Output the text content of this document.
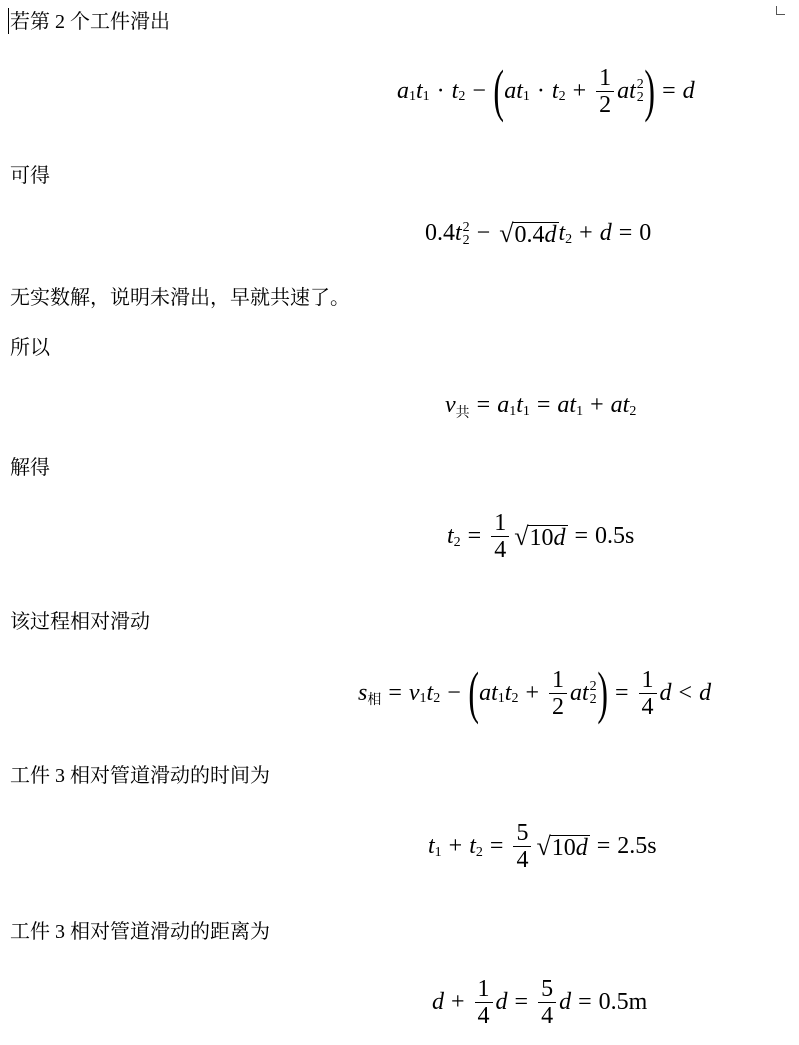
若第 2 个工件滑出

a 1 t 1 · t 2 − ( a t 1 · t $2 + \frac{1}{2}$ a t 2
2 ) = d

可得

0.4 t 2
2 − √ 0.4d t 2 + d = 0

无实数解，说明未滑出，早就共速了。

所以

v 共 = a 1 t 1 = a t 1 + a t 2

解得

t $2 = \frac{1}{4}$ √ 10d = 0.5s

该过程相对滑动

s 相 = v 1 t 2 − ( a t 1 t $2 + \frac{1}{2}$ a t 2
2 ) = $\frac{1}{4}$ d < d

工件 3 相对管道滑动的时间为

t 1 + t $2 = \frac{5}{4}$ √ 10d = 2.5s

工件 3 相对管道滑动的距离为

$d + \frac{1}{4}$ $d = \frac{5}{4}$ d = 0.5m
